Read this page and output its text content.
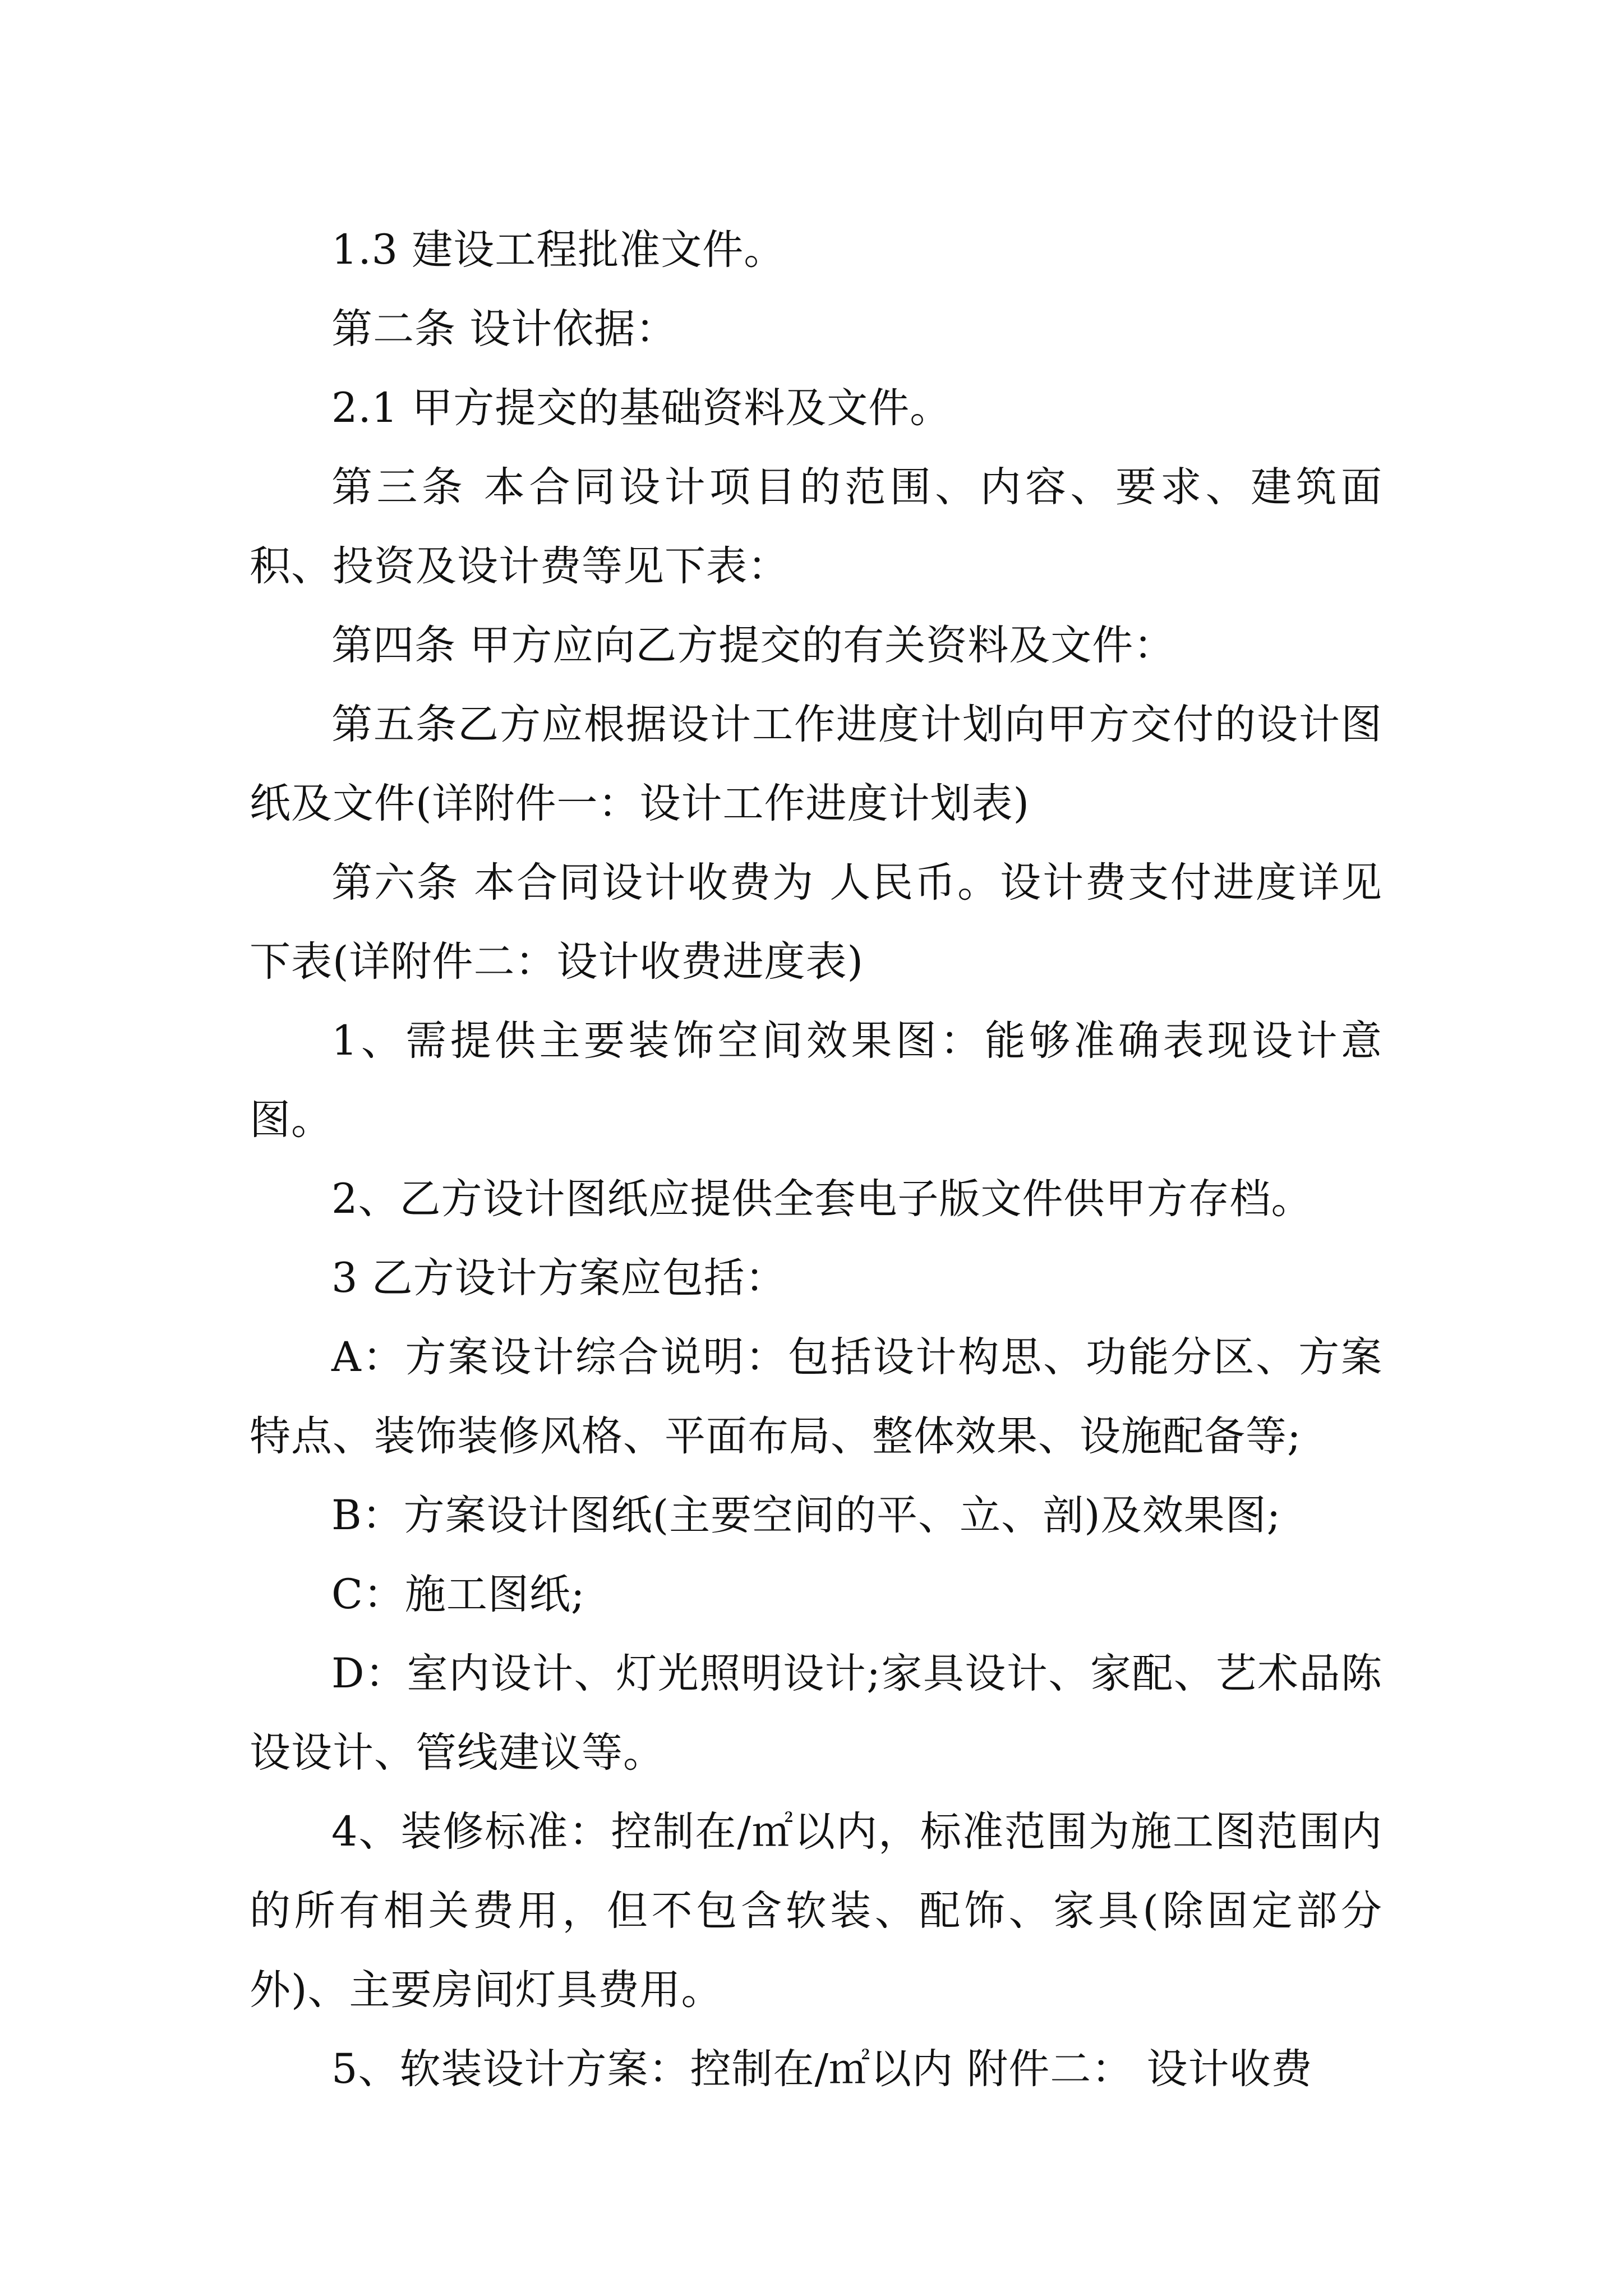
1.3 建设工程批准文件。

第二条 设计依据：

2.1 甲方提交的基础资料及文件。

第三条 本合同设计项目的范围、内容、要求、建筑面积、投资及设计费等见下表：

第四条 甲方应向乙方提交的有关资料及文件：

第五条乙方应根据设计工作进度计划向甲方交付的设计图纸及文件(详附件一：设计工作进度计划表)

第六条 本合同设计收费为 人民币。设计费支付进度详见下表(详附件二：设计收费进度表)

1、需提供主要装饰空间效果图：能够准确表现设计意图。

2、乙方设计图纸应提供全套电子版文件供甲方存档。

3 乙方设计方案应包括：

A：方案设计综合说明：包括设计构思、功能分区、方案特点、装饰装修风格、平面布局、整体效果、设施配备等;

B：方案设计图纸(主要空间的平、立、剖)及效果图;

C：施工图纸;

D：室内设计、灯光照明设计;家具设计、家配、艺术品陈设设计、管线建议等。

4、装修标准：控制在/㎡以内，标准范围为施工图范围内的所有相关费用，但不包含软装、配饰、家具(除固定部分外)、主要房间灯具费用。

5、软装设计方案：控制在/㎡以内 附件二： 设计收费
